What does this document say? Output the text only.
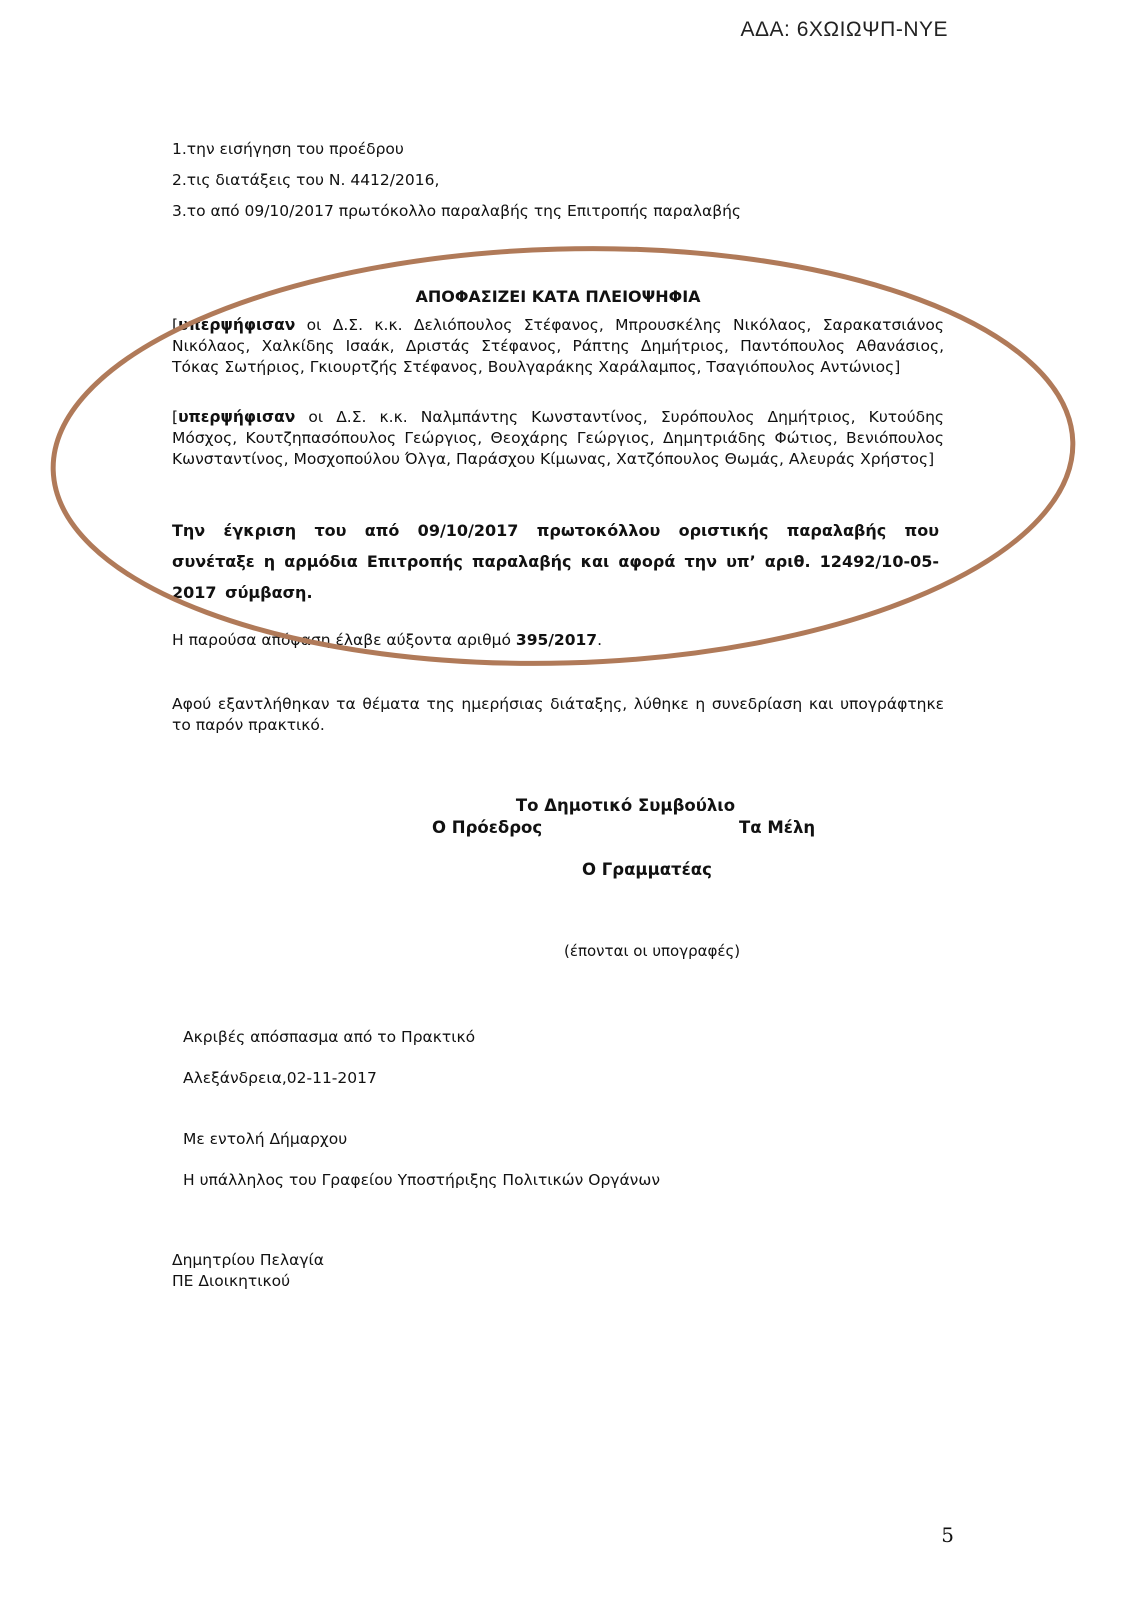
ΑΔΑ: 6ΧΩΙΩΨΠ-ΝΥΕ
1.την εισήγηση του προέδρου
2.τις διατάξεις του Ν. 4412/2016,
3.το από 09/10/2017 πρωτόκολλο παραλαβής της Επιτροπής παραλαβής
ΑΠΟΦΑΣΙΖΕΙ ΚΑΤΑ ΠΛΕΙΟΨΗΦΙΑ
[υπερψήφισαν οι Δ.Σ. κ.κ. Δελιόπουλος Στέφανος, Μπρουσκέλης Νικόλαος, Σαρακατσιάνος Νικόλαος, Χαλκίδης Ισαάκ, Δριστάς Στέφανος, Ράπτης Δημήτριος, Παντόπουλος Αθανάσιος, Τόκας Σωτήριος, Γκιουρτζής Στέφανος, Βουλγαράκης Χαράλαμπος, Τσαγιόπουλος Αντώνιος]
[υπερψήφισαν οι Δ.Σ. κ.κ. Ναλμπάντης Κωνσταντίνος, Συρόπουλος Δημήτριος, Κυτούδης Μόσχος, Κουτζηπασόπουλος Γεώργιος, Θεοχάρης Γεώργιος, Δημητριάδης Φώτιος, Βενιόπουλος Κωνσταντίνος, Μοσχοπούλου Όλγα, Παράσχου Κίμωνας, Χατζόπουλος Θωμάς, Αλευράς Χρήστος]
Την έγκριση του από 09/10/2017 πρωτοκόλλου οριστικής παραλαβής που συνέταξε η αρμόδια Επιτροπής παραλαβής και αφορά την υπ’ αριθ. 12492/10-05-2017 σύμβαση.
Η παρούσα απόφαση έλαβε αύξοντα αριθμό 395/2017.
Αφού εξαντλήθηκαν τα θέματα της ημερήσιας διάταξης, λύθηκε η συνεδρίαση και υπογράφτηκε το παρόν πρακτικό.
Το Δημοτικό Συμβούλιο
Ο Πρόεδρος	Τα Μέλη
Ο Γραμματέας
(έπονται οι υπογραφές)
Ακριβές απόσπασμα από το Πρακτικό
Αλεξάνδρεια,02-11-2017
Με εντολή Δήμαρχου
Η υπάλληλος του Γραφείου Υποστήριξης Πολιτικών Οργάνων
Δημητρίου Πελαγία
ΠΕ Διοικητικού
5
